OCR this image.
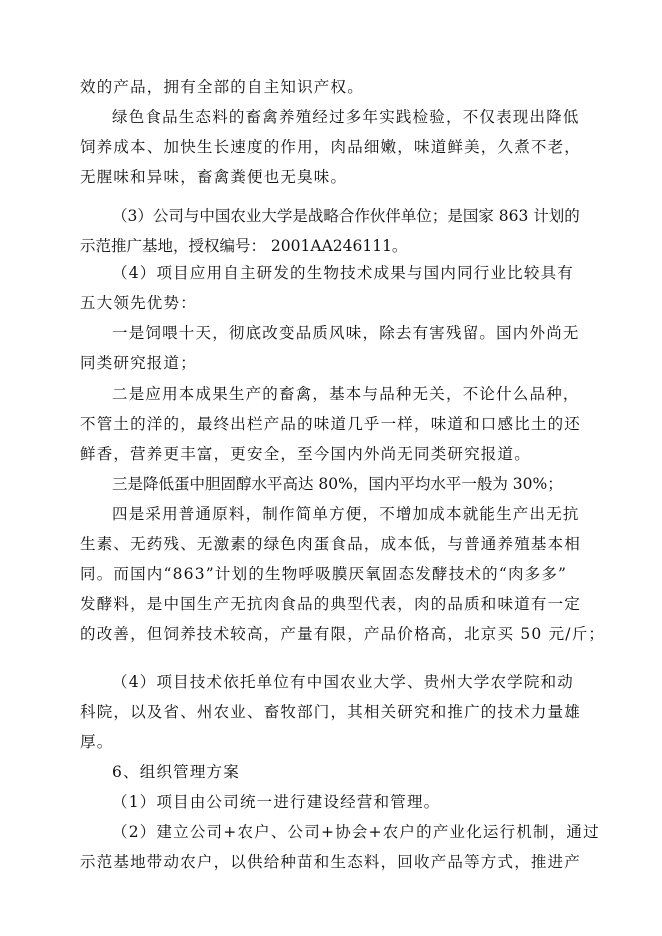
效的产品，拥有全部的自主知识产权。
绿色食品生态料的畜禽养殖经过多年实践检验，不仅表现出降低
饲养成本、加快生长速度的作用，肉品细嫩，味道鲜美，久煮不老，
无腥味和异味，畜禽粪便也无臭味。
（3）公司与中国农业大学是战略合作伙伴单位；是国家 863 计划的
示范推广基地，授权编号： 2001AA246111。
（4）项目应用自主研发的生物技术成果与国内同行业比较具有
五大领先优势：
一是饲喂十天，彻底改变品质风味，除去有害残留。国内外尚无
同类研究报道；
二是应用本成果生产的畜禽，基本与品种无关，不论什么品种，
不管土的洋的，最终出栏产品的味道几乎一样，味道和口感比土的还
鲜香，营养更丰富，更安全，至今国内外尚无同类研究报道。
三是降低蛋中胆固醇水平高达 80%，国内平均水平一般为 30%；
四是采用普通原料，制作简单方便，不增加成本就能生产出无抗
生素、无药残、无激素的绿色肉蛋食品，成本低，与普通养殖基本相
同。而国内“863”计划的生物呼吸膜厌氧固态发酵技术的“肉多多”
发酵料，是中国生产无抗肉食品的典型代表，肉的品质和味道有一定
的改善，但饲养技术较高，产量有限，产品价格高，北京买 50 元/斤；
（4）项目技术依托单位有中国农业大学、贵州大学农学院和动
科院，以及省、州农业、畜牧部门，其相关研究和推广的技术力量雄
厚。
6、组织管理方案
（1）项目由公司统一进行建设经营和管理。
（2）建立公司+农户、公司+协会+农户的产业化运行机制，通过
示范基地带动农户，以供给种苗和生态料，回收产品等方式，推进产
